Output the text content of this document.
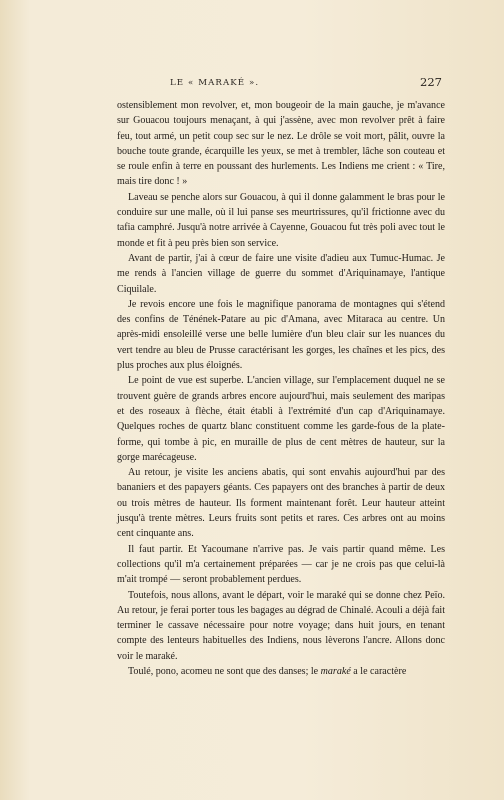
LE « MARAKÉ ».	227

ostensiblement mon revolver, et, mon bougeoir de la main gauche, je m'avance sur Gouacou toujours menaçant, à qui j'assène, avec mon revolver prêt à faire feu, tout armé, un petit coup sec sur le nez. Le drôle se voit mort, pâlit, ouvre la bouche toute grande, écarquille les yeux, se met à trembler, lâche son couteau et se roule enfin à terre en poussant des hurlements. Les Indiens me crient : « Tire, mais tire donc ! »

Laveau se penche alors sur Gouacou, à qui il donne galamment le bras pour le conduire sur une malle, où il lui panse ses meurtrissures, qu'il frictionne avec du tafia camphré. Jusqu'à notre arrivée à Cayenne, Gouacou fut très poli avec tout le monde et fit à peu près bien son service.

Avant de partir, j'ai à cœur de faire une visite d'adieu aux Tumuc-Humac. Je me rends à l'ancien village de guerre du sommet d'Ariquinamaye, l'antique Ciquilale.

Je revois encore une fois le magnifique panorama de montagnes qui s'étend des confins de Ténének-Patare au pic d'Amana, avec Mitaraca au centre. Un après-midi ensoleillé verse une belle lumière d'un bleu clair sur les nuances du vert tendre au bleu de Prusse caractérisant les gorges, les chaînes et les pics, des plus proches aux plus éloignés.

Le point de vue est superbe. L'ancien village, sur l'emplacement duquel ne se trouvent guère de grands arbres encore aujourd'hui, mais seulement des maripas et des roseaux à flèche, était établi à l'extrémité d'un cap d'Ariquinamaye. Quelques roches de quartz blanc constituent comme les garde-fous de la plate-forme, qui tombe à pic, en muraille de plus de cent mètres de hauteur, sur la gorge marécageuse.

Au retour, je visite les anciens abatis, qui sont envahis aujourd'hui par des bananiers et des papayers géants. Ces papayers ont des branches à partir de deux ou trois mètres de hauteur. Ils forment maintenant forêt. Leur hauteur atteint jusqu'à trente mètres. Leurs fruits sont petits et rares. Ces arbres ont au moins cent cinquante ans.

Il faut partir. Et Yacoumane n'arrive pas. Je vais partir quand même. Les collections qu'il m'a certainement préparées — car je ne crois pas que celui-là m'ait trompé — seront probablement perdues.

Toutefois, nous allons, avant le départ, voir le maraké qui se donne chez Peïo. Au retour, je ferai porter tous les bagages au dégrad de Chinalé. Acouli a déjà fait terminer le cassave nécessaire pour notre voyage; dans huit jours, en tenant compte des lenteurs habituelles des Indiens, nous lèverons l'ancre. Allons donc voir le maraké.

Toulé, pono, acomeu ne sont que des danses; le maraké a le caractère
